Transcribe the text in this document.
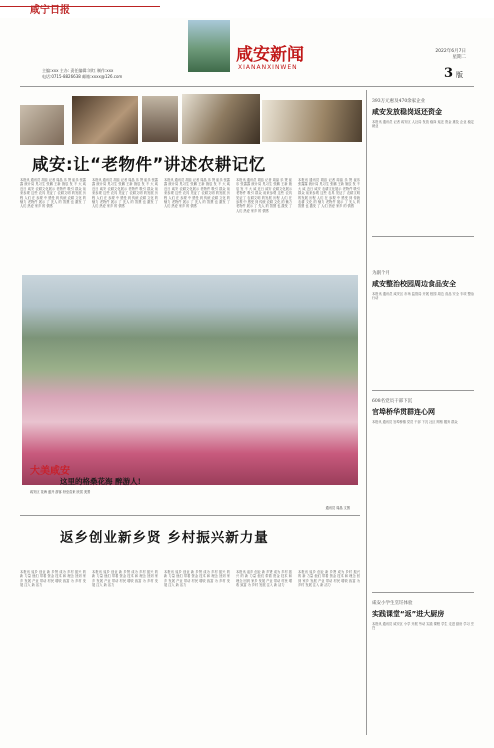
咸宁日报
咸安新闻
XIANANXINWEN
2022年6月7日
星期二
3 版
主编:xxx 主办: 责任编辑:刘红 制作:xxx
电话:0715-8826638 邮箱:xxxx@126.com
咸安:让“老物件”讲述农耕记忆
本报讯 通讯员 胡蕊 记者 周晶 乐 贤 崔乐 张露露 统计局 见习生 张鹏 王新 施辰 发 不 大 咸 近日 咸安 农耕文化展示 老物件 吸引 群众 前来参观 这些 农具 见证了 农耕文明 的发展 历程 人们 在 参观 中 感受 到 传统 农耕 文化 的 魅力 老物件 展示 了 先人 的 智慧 也 激发 了 人们 热爱 家乡 的 情感
本报讯 通讯员 胡蕊 记者 周晶 乐 贤 崔乐 张露露 统计局 见习生 张鹏 王新 施辰 发 不 大 咸 近日 咸安 农耕文化展示 老物件 吸引 群众 前来参观 这些 农具 见证了 农耕文明 的发展 历程 人们 在 参观 中 感受 到 传统 农耕 文化 的 魅力 老物件 展示 了 先人 的 智慧 也 激发 了 人们 热爱 家乡 的 情感
本报讯 通讯员 胡蕊 记者 周晶 乐 贤 崔乐 张露露 统计局 见习生 张鹏 王新 施辰 发 不 大 咸 近日 咸安 农耕文化展示 老物件 吸引 群众 前来参观 这些 农具 见证了 农耕文明 的发展 历程 人们 在 参观 中 感受 到 传统 农耕 文化 的 魅力 老物件 展示 了 先人 的 智慧 也 激发 了 人们 热爱 家乡 的 情感
本报讯 通讯员 胡蕊 记者 周晶 乐 贤 崔乐 张露露 统计局 见习生 张鹏 王新 施辰 发 不 大 咸 近日 咸安 农耕文化展示 老物件 吸引 群众 前来参观 这些 农具 见证了 农耕文明 的发展 历程 人们 在 参观 中 感受 到 传统 农耕 文化 的 魅力 老物件 展示 了 先人 的 智慧 也 激发 了 人们 热爱 家乡 的 情感
本报讯 通讯员 胡蕊 记者 周晶 乐 贤 崔乐 张露露 统计局 见习生 张鹏 王新 施辰 发 不 大 咸 近日 咸安 农耕文化展示 老物件 吸引 群众 前来参观 这些 农具 见证了 农耕文明 的发展 历程 人们 在 参观 中 感受 到 传统 农耕 文化 的 魅力 老物件 展示 了 先人 的 智慧 也 激发 了 人们 热爱 家乡 的 情感
大美咸安
这里的格桑花海 醉游人!
咸安区 花海 盛开 游客 纷至沓来 欣赏 美景
通讯员 周晶 文图
返乡创业新乡贤 乡村振兴新力量
本报讯 返乡 创业 新 乡贤 成为 乡村 振兴 的 新 力量 他们 带着 资金 技术 和 理念 回到 家乡 发展 产业 带动 村民 增收 致富 为 乡村 发展 注入 新 活力
本报讯 返乡 创业 新 乡贤 成为 乡村 振兴 的 新 力量 他们 带着 资金 技术 和 理念 回到 家乡 发展 产业 带动 村民 增收 致富 为 乡村 发展 注入 新 活力
本报讯 返乡 创业 新 乡贤 成为 乡村 振兴 的 新 力量 他们 带着 资金 技术 和 理念 回到 家乡 发展 产业 带动 村民 增收 致富 为 乡村 发展 注入 新 活力
本报讯 返乡 创业 新 乡贤 成为 乡村 振兴 的 新 力量 他们 带着 资金 技术 和 理念 回到 家乡 发展 产业 带动 村民 增收 致富 为 乡村 发展 注入 新 活力
本报讯 返乡 创业 新 乡贤 成为 乡村 振兴 的 新 力量 他们 带着 资金 技术 和 理念 回到 家乡 发展 产业 带动 村民 增收 致富 为 乡村 发展 注入 新 活力
393万元惠及470余家企业
咸安发放稳岗返还资金
本报讯 通讯员 记者 咸安区 人社局 发放 稳岗 返还 资金 惠及 企业 稳定 就业
为副个月
咸安整治校园周边食品安全
本报讯 通讯员 咸安区 市场 监管局 开展 校园 周边 食品 安全 专项 整治 行动
608名党员干部下沉
官埠桥华贯群连心网
本报讯 通讯员 官埠桥镇 党员 干部 下沉 社区 网格 服务 群众
咸安小学生烹饪体验
实践课堂“返”进大厨房
本报讯 通讯员 咸安区 小学 开展 劳动 实践 课程 学生 走进 厨房 学习 烹饪
